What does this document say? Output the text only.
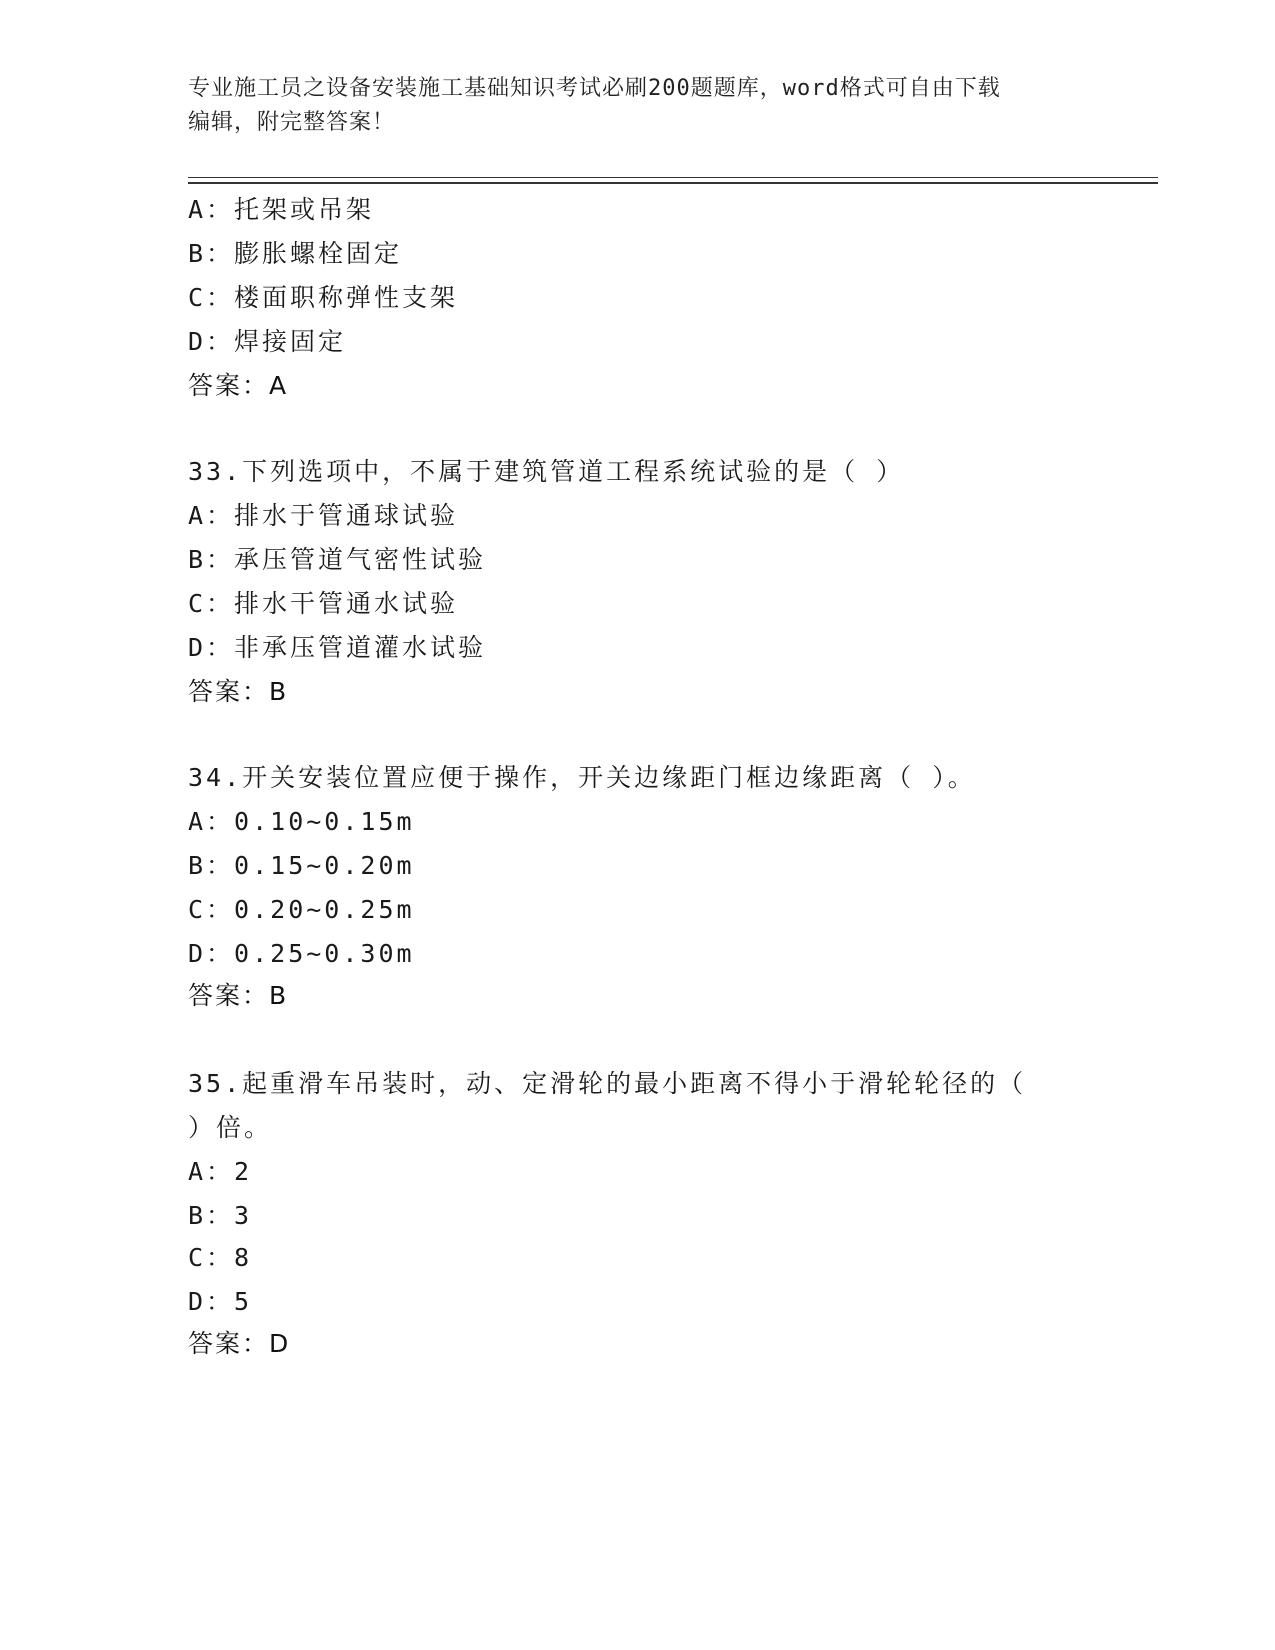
专业施工员之设备安装施工基础知识考试必刷200题题库，word格式可自由下载
编辑，附完整答案！
A：托架或吊架
B：膨胀螺栓固定
C：楼面职称弹性支架
D：焊接固定
答案：A
33.下列选项中，不属于建筑管道工程系统试验的是（ ）
A：排水于管通球试验
B：承压管道气密性试验
C：排水干管通水试验
D：非承压管道灌水试验
答案：B
34.开关安装位置应便于操作，开关边缘距门框边缘距离（ ）。
A：0.10~0.15m
B：0.15~0.20m
C：0.20~0.25m
D：0.25~0.30m
答案：B
35.起重滑车吊装时，动、定滑轮的最小距离不得小于滑轮轮径的（
）倍。
A：2
B：3
C：8
D：5
答案：D
